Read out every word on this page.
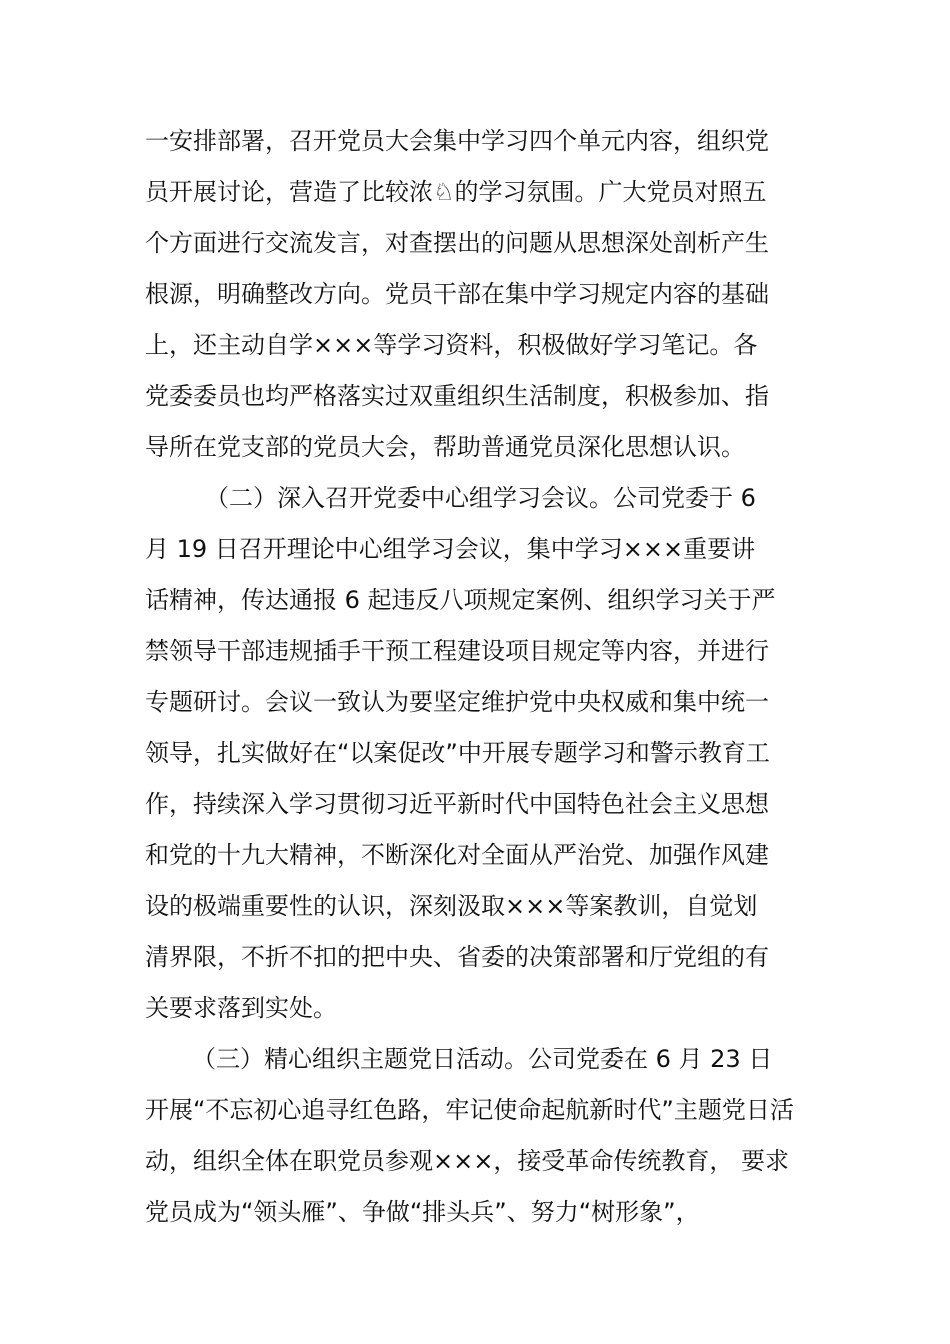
一安排部署，召开党员大会集中学习四个单元内容，组织党
员开展讨论，营造了比较浓♘的学习氛围。广大党员对照五
个方面进行交流发言，对查摆出的问题从思想深处剖析产生
根源，明确整改方向。党员干部在集中学习规定内容的基础
上，还主动自学×××等学习资料，积极做好学习笔记。各
党委委员也均严格落实过双重组织生活制度，积极参加、指
导所在党支部的党员大会，帮助普通党员深化思想认识。
（二）深入召开党委中心组学习会议。公司党委于 6
月 19 日召开理论中心组学习会议，集中学习×××重要讲
话精神，传达通报 6 起违反八项规定案例、组织学习关于严
禁领导干部违规插手干预工程建设项目规定等内容，并进行
专题研讨。会议一致认为要坚定维护党中央权威和集中统一
领导，扎实做好在“以案促改”中开展专题学习和警示教育工
作，持续深入学习贯彻习近平新时代中国特色社会主义思想
和党的十九大精神，不断深化对全面从严治党、加强作风建
设的极端重要性的认识，深刻汲取×××等案教训，自觉划
清界限，不折不扣的把中央、省委的决策部署和厅党组的有
关要求落到实处。
（三）精心组织主题党日活动。公司党委在 6 月 23 日
开展“不忘初心追寻红色路，牢记使命起航新时代”主题党日活
动，组织全体在职党员参观×××，接受革命传统教育， 要求
党员成为“领头雁”、争做“排头兵”、努力“树形象”，
